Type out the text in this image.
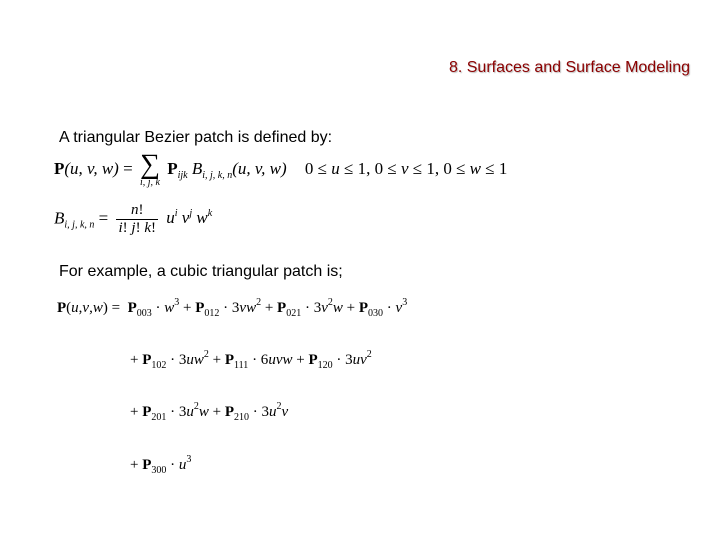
8. Surfaces and Surface Modeling
A triangular Bezier patch is defined by:
P(u, v, w) = ∑
i, j, k
$P_{ijk}$ $B_{i, j, k, n}(u$, v, w) 0 ≤ u ≤ 1, 0 ≤ v ≤ 1, 0 ≤ w ≤ 1
$B_{i, j, k, n} = \frac{n!}{i! j! k!} u^i$ $v^j$ $w^k$
For example, a cubic triangular patch is;
$P(u,v,w) = P_{003} \cdot w^3 + P_{012} \cdot 3vw^2 + P_{021} \cdot 3v^2w + P_{030} \cdot v^3$
+ $P_{102} \cdot 3uw^2 + P_{111} \cdot 6uvw + P_{120} \cdot 3uv^2$
+ $P_{201} \cdot 3u^2w + P_{210} \cdot 3u^2v$
+ $P_{300} \cdot u^3$
